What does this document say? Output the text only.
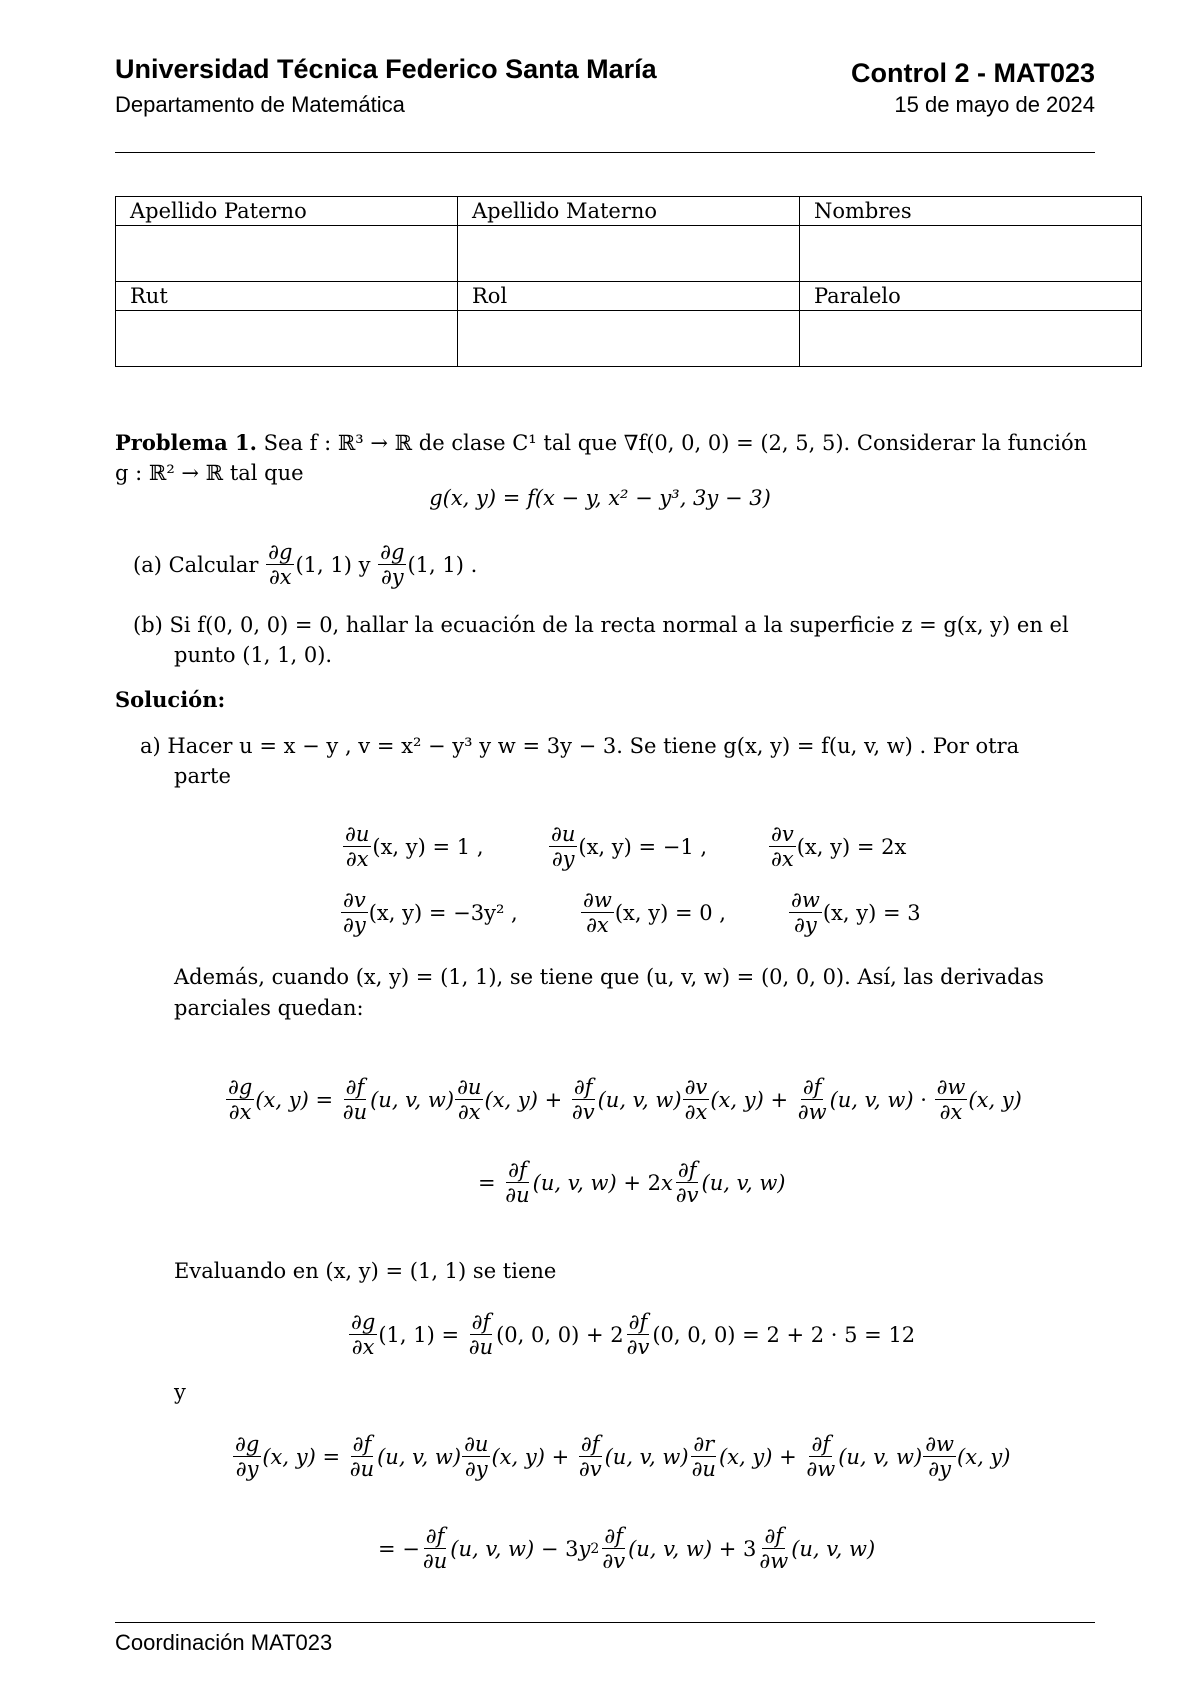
Universidad Técnica Federico Santa María
Departamento de Matemática
Control 2 - MAT023
15 de mayo de 2024
Apellido Paterno	Apellido Materno	Nombres

Rut	Rol	Paralelo

Problema 1. Sea f : ℝ³ → ℝ de clase C¹ tal que ∇f(0, 0, 0) = (2, 5, 5). Considerar la función
g : ℝ² → ℝ tal que
g(x, y) = f(x − y, x² − y³, 3y − 3)
(a)
Calcular
$\frac{\partial g}{\partial x} (1$, 1) y $\frac{\partial g}{\partial y} (1$, 1) .
(b) Si f(0, 0, 0) = 0, hallar la ecuación de la recta normal a la superficie z = g(x, y) en el
punto (1, 1, 0).
Solución:
a) Hacer u = x − y , v = x² − y³ y w = 3y − 3. Se tiene g(x, y) = f(u, v, w) . Por otra
parte
$\frac{\partial u}{\partial x} (x$, y) = 1 ,	$\frac{\partial u}{\partial y} (x$, y) = −1 ,	$\frac{\partial v}{\partial x} (x$, y) = 2x
$\frac{\partial v}{\partial y} (x$, y) = −3y² ,	$\frac{\partial w}{\partial x} (x$, y) = 0 ,	$\frac{\partial w}{\partial y} (x$, y) = 3
Además, cuando (x, y) = (1, 1), se tiene que (u, v, w) = (0, 0, 0). Así, las derivadas
parciales quedan:
$\frac{\partial g}{\partial x} (x$, $y) = \frac{\partial f}{\partial u} (u$, v, $w) \frac{\partial u}{\partial x} (x$, $y) + \frac{\partial f}{\partial v} (u$, v, $w) \frac{\partial v}{\partial x} (x$, $y) + \frac{\partial f}{\partial w} (u$, v, $w) \cdot \frac{\partial w}{\partial x} (x$, y)
= $\frac{\partial f}{\partial u} (u$, v, w) + 2 x $\frac{\partial f}{\partial v} (u$, v, w)
Evaluando en (x, y) = (1, 1) se tiene
$\frac{\partial g}{\partial x} (1$, $1) = \frac{\partial f}{\partial u} (0$, 0, $0) + 2 \frac{\partial f}{\partial v} (0$, 0, 0) = 2 + 2 · 5 = 12
y
$\frac{\partial g}{\partial y} (x$, $y) = \frac{\partial f}{\partial u} (u$, v, $w) \frac{\partial u}{\partial y} (x$, $y) + \frac{\partial f}{\partial v} (u$, v, $w) \frac{\partial r}{\partial u} (x$, $y) + \frac{\partial f}{\partial w} (u$, v, $w) \frac{\partial w}{\partial y} (x$, y)
= − $\frac{\partial f}{\partial u} (u$, v, w) − 3 y $2 \frac{\partial f}{\partial v} (u$, v, $w) + 3 \frac{\partial f}{\partial w} (u$, v, w)
Coordinación MAT023
